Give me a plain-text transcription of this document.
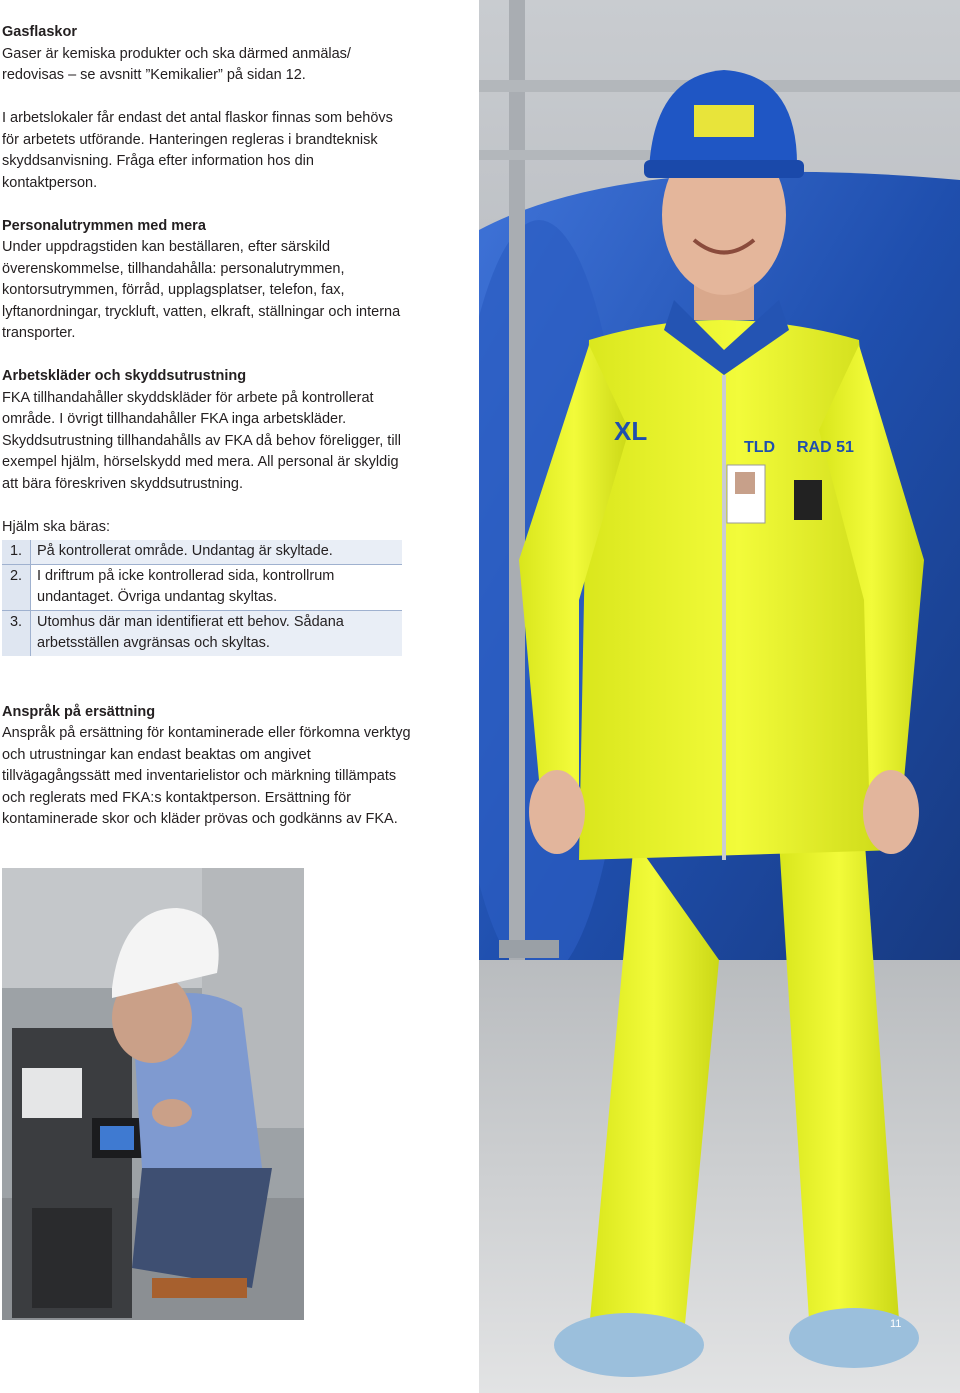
Gasflaskor

Gaser är kemiska produkter och ska därmed anmälas/ redovisas – se avsnitt ”Kemikalier” på sidan 12.

I arbetslokaler får endast det antal flaskor finnas som behövs för arbetets utförande. Hanteringen regleras i brandteknisk skyddsanvisning. Fråga efter information hos din kontaktperson.

Personalutrymmen med mera

Under uppdragstiden kan beställaren, efter särskild överenskommelse, tillhandahålla: personalutrymmen, kontorsutrymmen, förråd, upplagsplatser, telefon, fax, lyftanordningar, tryckluft, vatten, elkraft, ställningar och interna transporter.

Arbetskläder och skyddsutrustning

FKA tillhandahåller skyddskläder för arbete på kontrollerat område. I övrigt tillhandahåller FKA inga arbetskläder. Skyddsutrustning tillhandahålls av FKA då behov föreligger, till exempel hjälm, hörselskydd med mera. All personal är skyldig att bära föreskriven skyddsutrustning.

Hjälm ska bäras:

1.	På kontrollerat område. Undantag är skyltade.
2.	I driftrum på icke kontrollerad sida, kontrollrum undantaget. Övriga undantag skyltas.
3.	Utomhus där man identifierat ett behov. Sådana arbetsställen avgränsas och skyltas.

Anspråk på ersättning

Anspråk på ersättning för kontaminerade eller förkomna verktyg och utrustningar kan endast beaktas om angivet tillvägagångssätt med inventarielistor och märkning tillämpats och reglerats med FKA:s kontaktperson. Ersättning för kontaminerade skor och kläder prövas och godkänns av FKA.

XL
TLD RAD 51
11
